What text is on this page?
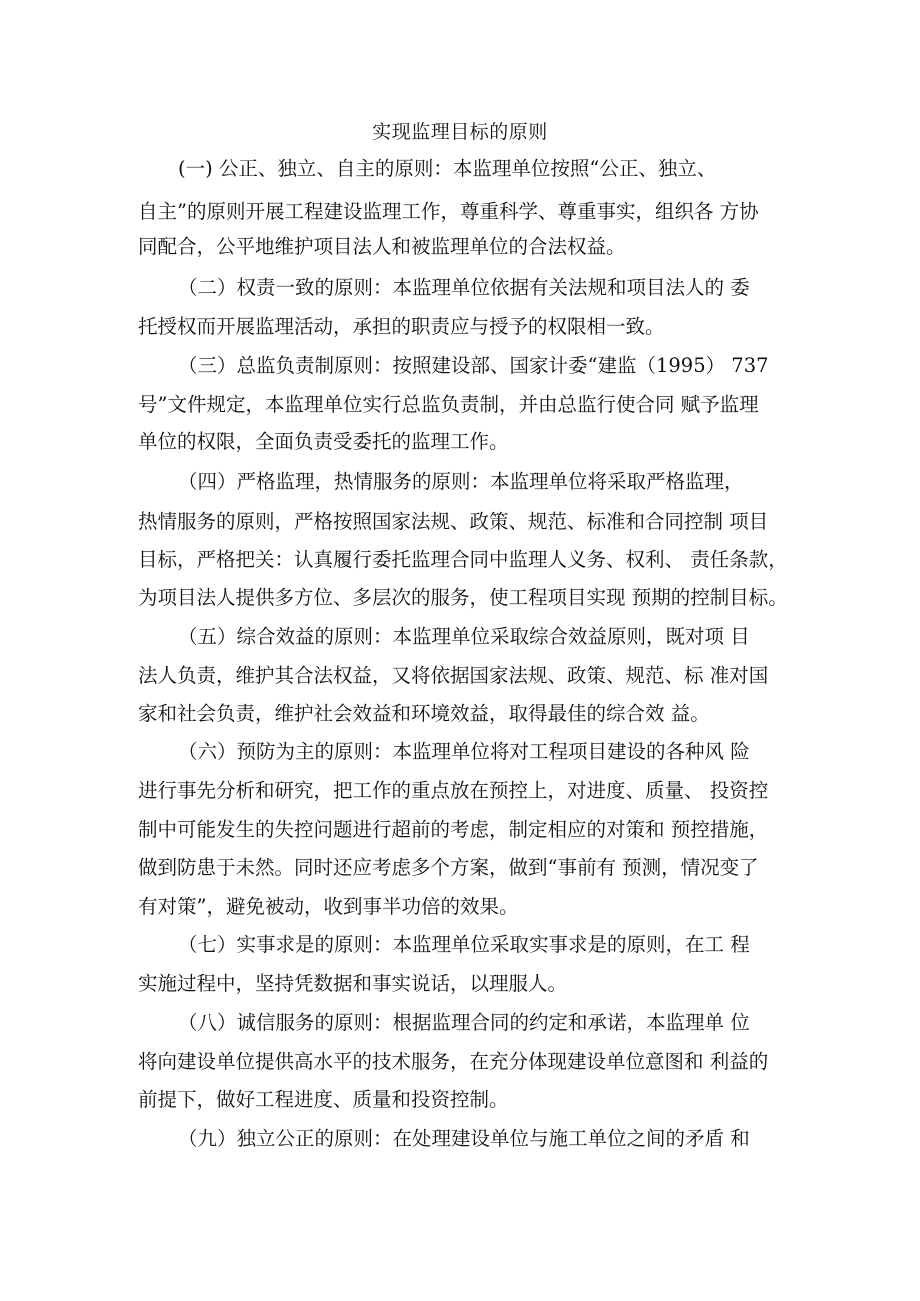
实现监理目标的原则
(一) 公正、独立、自主的原则：本监理单位按照“公正、独立、
自主”的原则开展工程建设监理工作，尊重科学、尊重事实，组织各 方协
同配合，公平地维护项目法人和被监理单位的合法权益。
（二）权责一致的原则：本监理单位依据有关法规和项目法人的 委
托授权而开展监理活动，承担的职责应与授予的权限相一致。
（三）总监负责制原则：按照建设部、国家计委“建监（1995） 737
号”文件规定，本监理单位实行总监负责制，并由总监行使合同 赋予监理
单位的权限，全面负责受委托的监理工作。
（四）严格监理，热情服务的原则：本监理单位将采取严格监理，
热情服务的原则，严格按照国家法规、政策、规范、标准和合同控制 项目
目标，严格把关：认真履行委托监理合同中监理人义务、权利、 责任条款，
为项目法人提供多方位、多层次的服务，使工程项目实现 预期的控制目标。
（五）综合效益的原则：本监理单位采取综合效益原则，既对项 目
法人负责，维护其合法权益，又将依据国家法规、政策、规范、标 准对国
家和社会负责，维护社会效益和环境效益，取得最佳的综合效 益。
（六）预防为主的原则：本监理单位将对工程项目建设的各种风 险
进行事先分析和研究，把工作的重点放在预控上，对进度、质量、 投资控
制中可能发生的失控问题进行超前的考虑，制定相应的对策和 预控措施，
做到防患于未然。同时还应考虑多个方案，做到“事前有 预测，情况变了
有对策”，避免被动，收到事半功倍的效果。
（七）实事求是的原则：本监理单位采取实事求是的原则，在工 程
实施过程中，坚持凭数据和事实说话，以理服人。
（八）诚信服务的原则：根据监理合同的约定和承诺，本监理单 位
将向建设单位提供高水平的技术服务，在充分体现建设单位意图和 利益的
前提下，做好工程进度、质量和投资控制。
（九）独立公正的原则：在处理建设单位与施工单位之间的矛盾 和
